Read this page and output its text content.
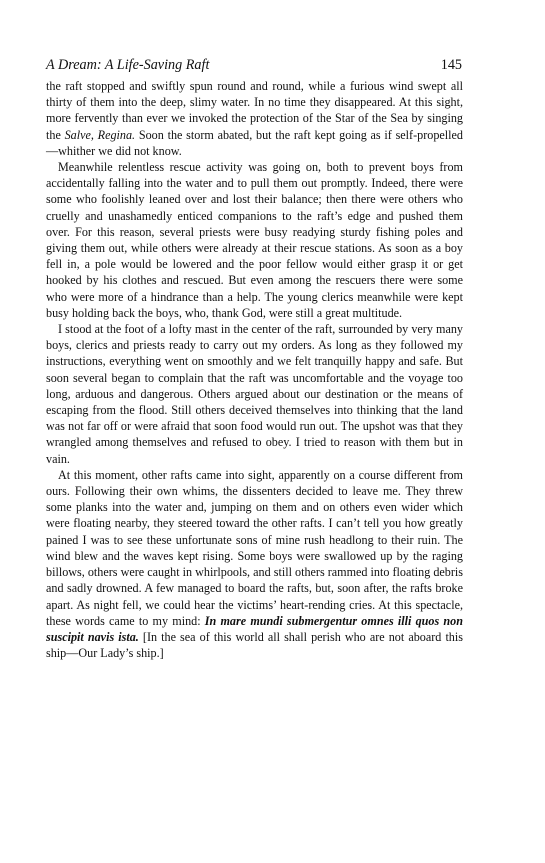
A Dream: A Life-Saving Raft	145

the raft stopped and swiftly spun round and round, while a furious wind swept all thirty of them into the deep, slimy water. In no time they disappeared. At this sight, more fervently than ever we invoked the protection of the Star of the Sea by singing the Salve, Regina. Soon the storm abated, but the raft kept going as if self-propelled—whither we did not know.

Meanwhile relentless rescue activity was going on, both to prevent boys from accidentally falling into the water and to pull them out promptly. Indeed, there were some who foolishly leaned over and lost their balance; then there were others who cruelly and unashamedly enticed companions to the raft’s edge and pushed them over. For this reason, several priests were busy readying sturdy fishing poles and giving them out, while others were already at their rescue stations. As soon as a boy fell in, a pole would be lowered and the poor fellow would either grasp it or get hooked by his clothes and rescued. But even among the rescuers there were some who were more of a hindrance than a help. The young clerics meanwhile were kept busy holding back the boys, who, thank God, were still a great multitude.

I stood at the foot of a lofty mast in the center of the raft, surrounded by very many boys, clerics and priests ready to carry out my orders. As long as they followed my instructions, everything went on smoothly and we felt tranquilly happy and safe. But soon several began to complain that the raft was uncomfortable and the voyage too long, arduous and dangerous. Others argued about our destination or the means of escaping from the flood. Still others deceived themselves into thinking that the land was not far off or were afraid that soon food would run out. The upshot was that they wrangled among themselves and refused to obey. I tried to reason with them but in vain.

At this moment, other rafts came into sight, apparently on a course different from ours. Following their own whims, the dissenters decided to leave me. They threw some planks into the water and, jumping on them and on others even wider which were floating nearby, they steered toward the other rafts. I can’t tell you how greatly pained I was to see these unfortunate sons of mine rush headlong to their ruin. The wind blew and the waves kept rising. Some boys were swallowed up by the raging billows, others were caught in whirlpools, and still others rammed into floating debris and sadly drowned. A few managed to board the rafts, but, soon after, the rafts broke apart. As night fell, we could hear the victims’ heart-rending cries. At this spectacle, these words came to my mind: In mare mundi submergentur omnes illi quos non suscipit navis ista. [In the sea of this world all shall perish who are not aboard this ship—Our Lady’s ship.]
